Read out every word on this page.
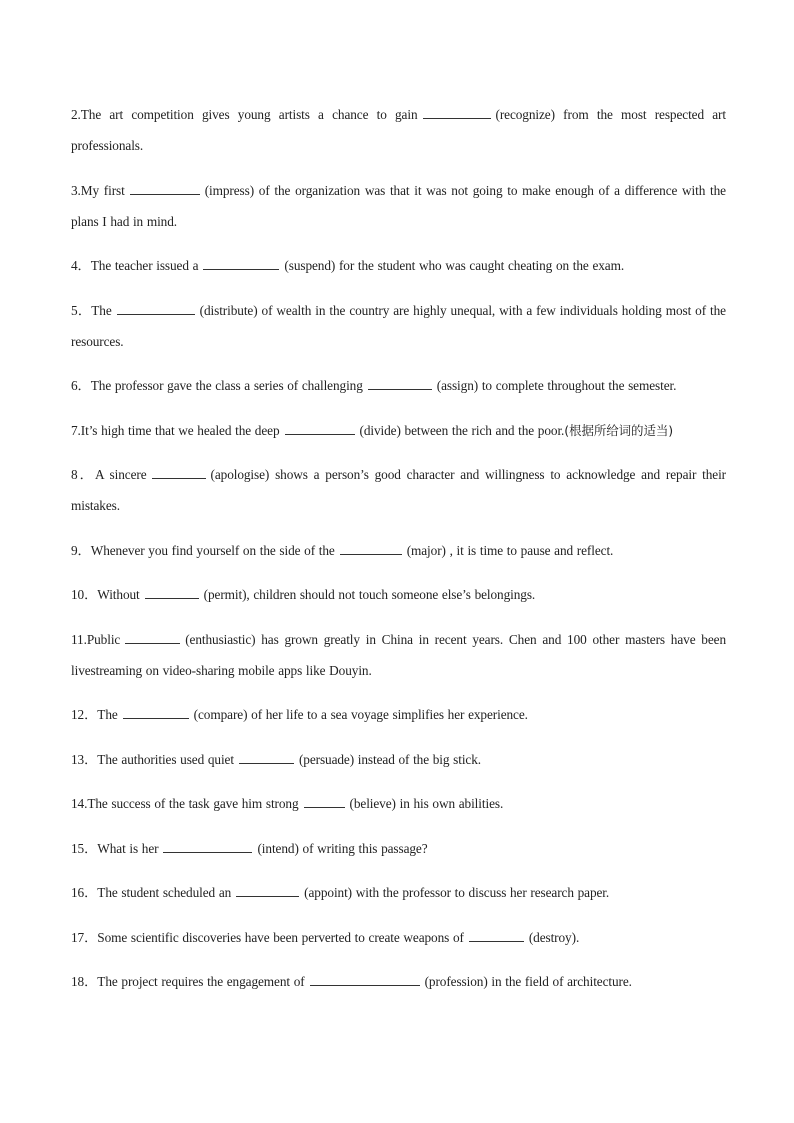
2.The art competition gives young artists a chance to gain	(recognize) from the most respected art professionals.

3.My first	(impress) of the organization was that it was not going to make enough of a difference with the plans I had in mind.

4．The teacher issued a	(suspend) for the student who was caught cheating on the exam.

5．The	(distribute) of wealth in the country are highly unequal, with a few individuals holding most of the resources.

6．The professor gave the class a series of challenging	(assign) to complete throughout the semester.

7.It’s high time that we healed the deep	(divide) between the rich and the poor.(根据所给词的适当)

8．A sincere	(apologise) shows a person’s good character and willingness to acknowledge and repair their mistakes.

9．Whenever you find yourself on the side of the	(major) , it is time to pause and reflect.

10．Without	(permit), children should not touch someone else’s belongings.

11.Public	(enthusiastic) has grown greatly in China in recent years. Chen and 100 other masters have been livestreaming on video-sharing mobile apps like Douyin.

12．The	(compare) of her life to a sea voyage simplifies her experience.

13．The authorities used quiet	(persuade) instead of the big stick.

14.The success of the task gave him strong	(believe) in his own abilities.

15．What is her	(intend) of writing this passage?

16．The student scheduled an	(appoint) with the professor to discuss her research paper.

17．Some scientific discoveries have been perverted to create weapons of	(destroy).

18．The project requires the engagement of	(profession) in the field of architecture.
